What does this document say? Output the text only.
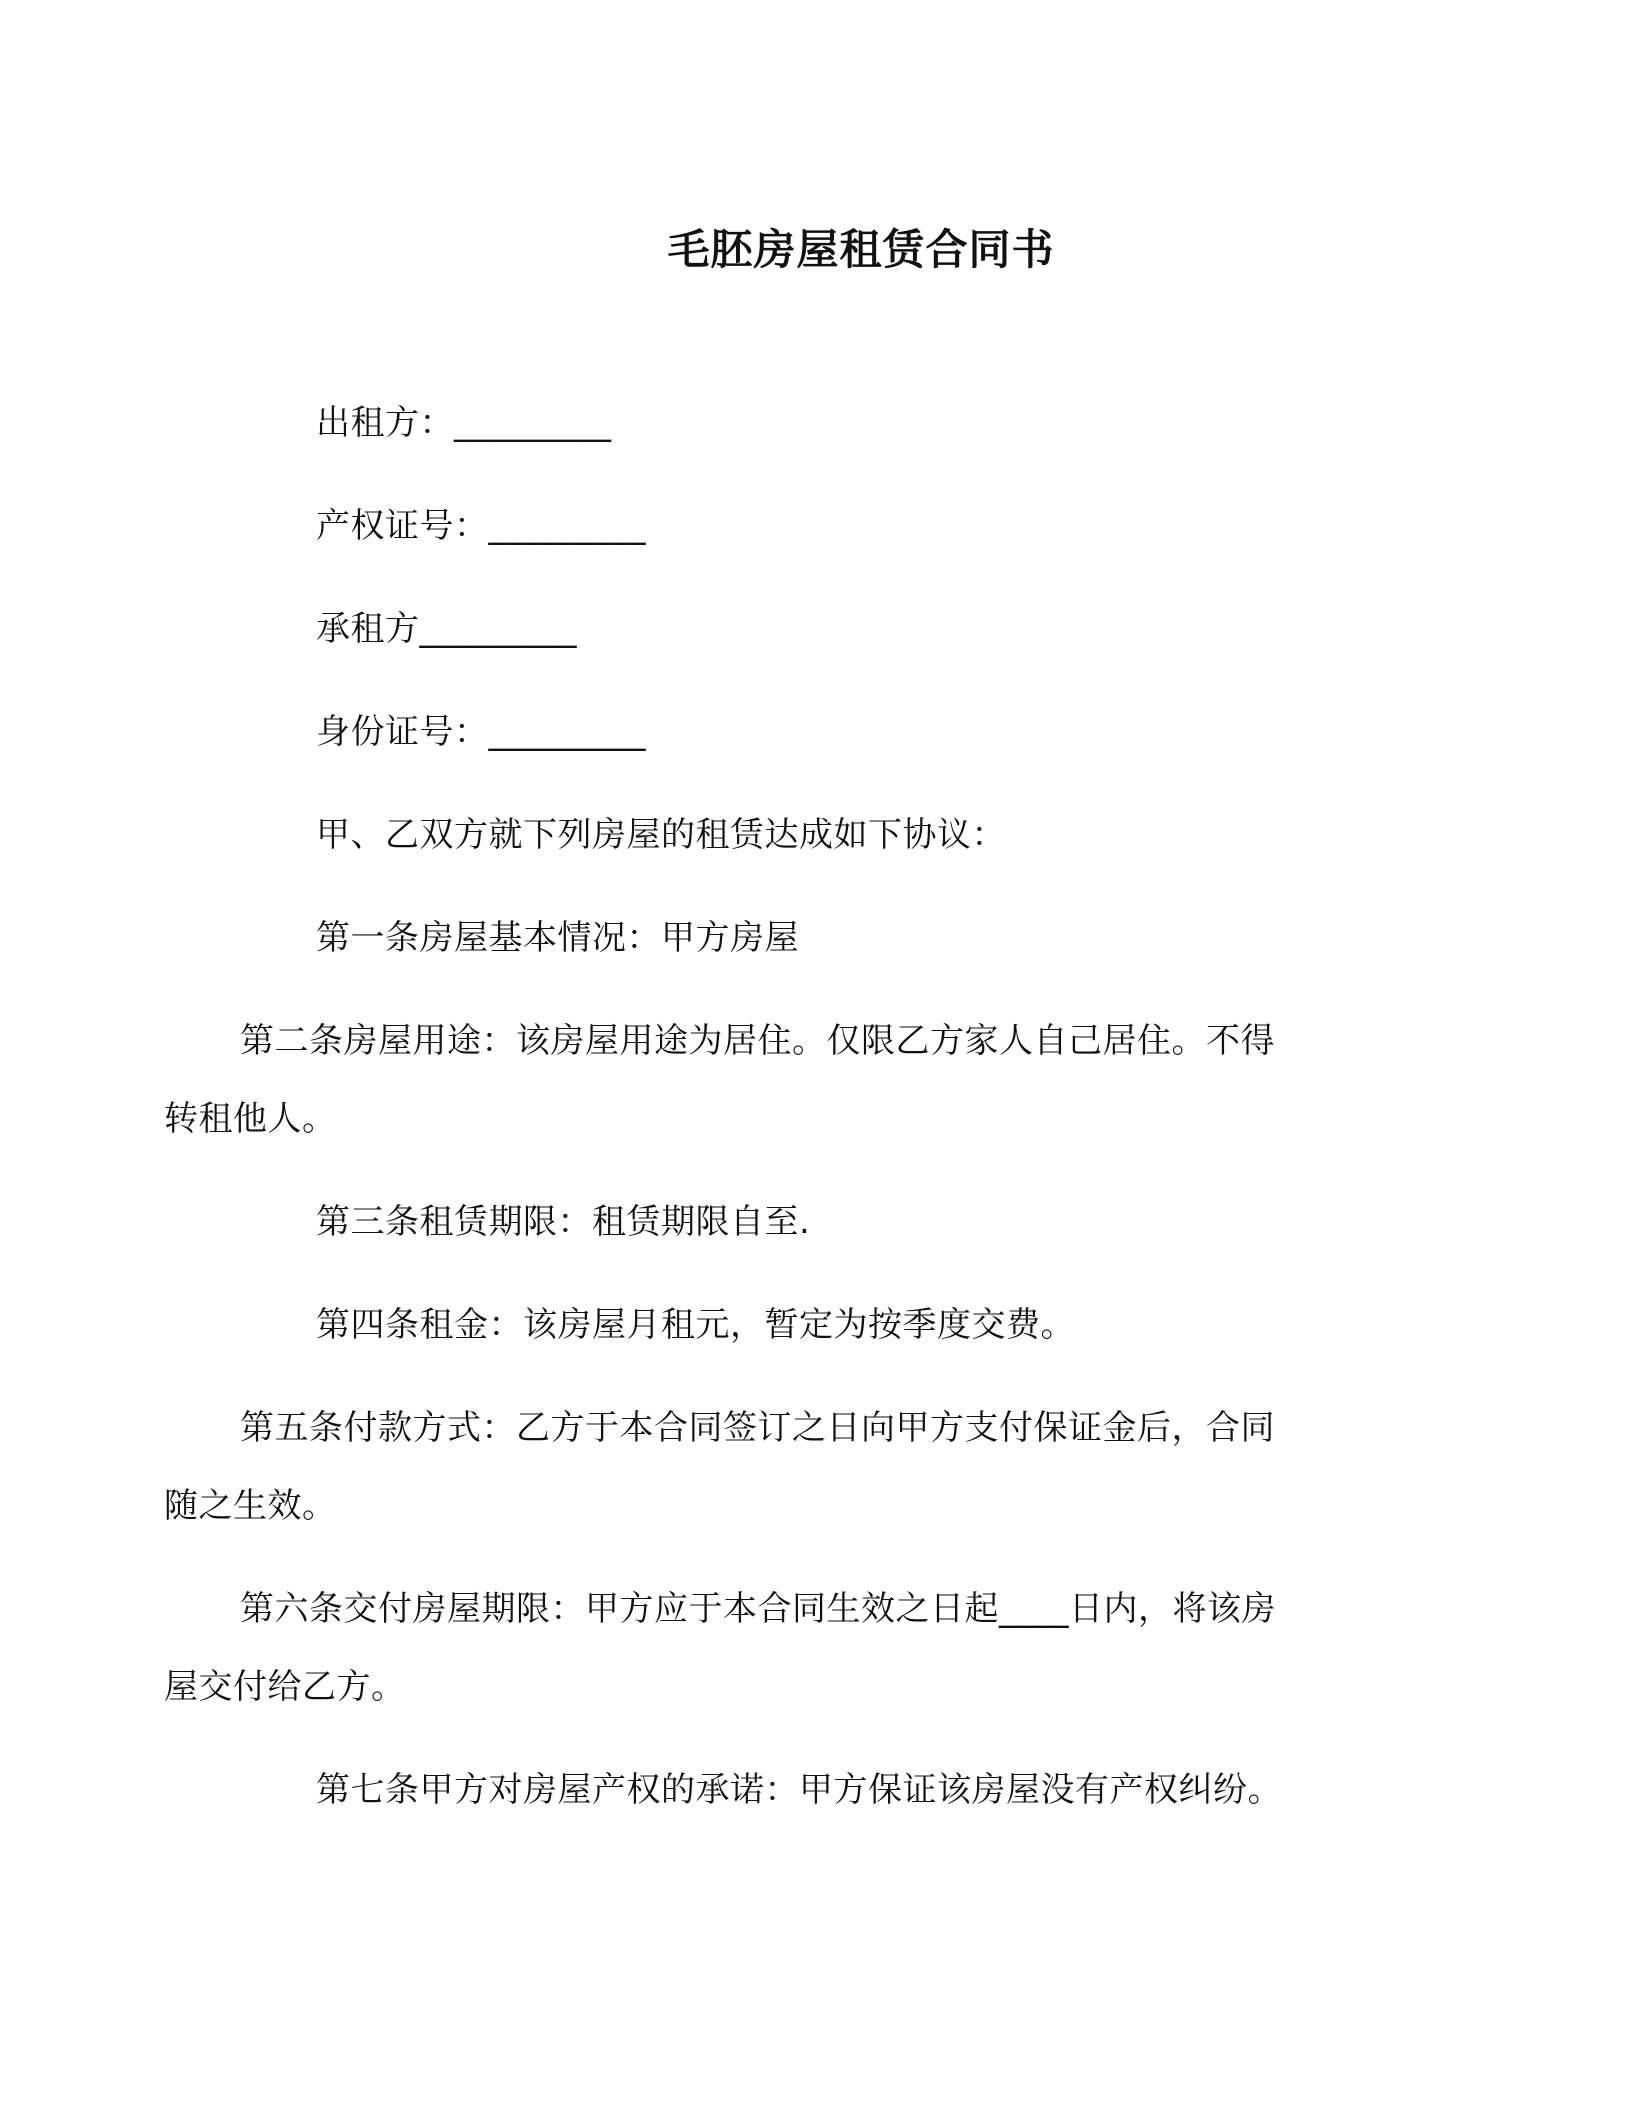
毛胚房屋租赁合同书
出租方：_________
产权证号：_________
承租方_________
身份证号：_________
甲、乙双方就下列房屋的租赁达成如下协议：
第一条房屋基本情况：甲方房屋
第二条房屋用途：该房屋用途为居住。仅限乙方家人自己居住。不得转租他人。
第三条租赁期限：租赁期限自至.
第四条租金：该房屋月租元，暂定为按季度交费。
第五条付款方式：乙方于本合同签订之日向甲方支付保证金后，合同随之生效。
第六条交付房屋期限：甲方应于本合同生效之日起____日内，将该房屋交付给乙方。
第七条甲方对房屋产权的承诺：甲方保证该房屋没有产权纠纷。
